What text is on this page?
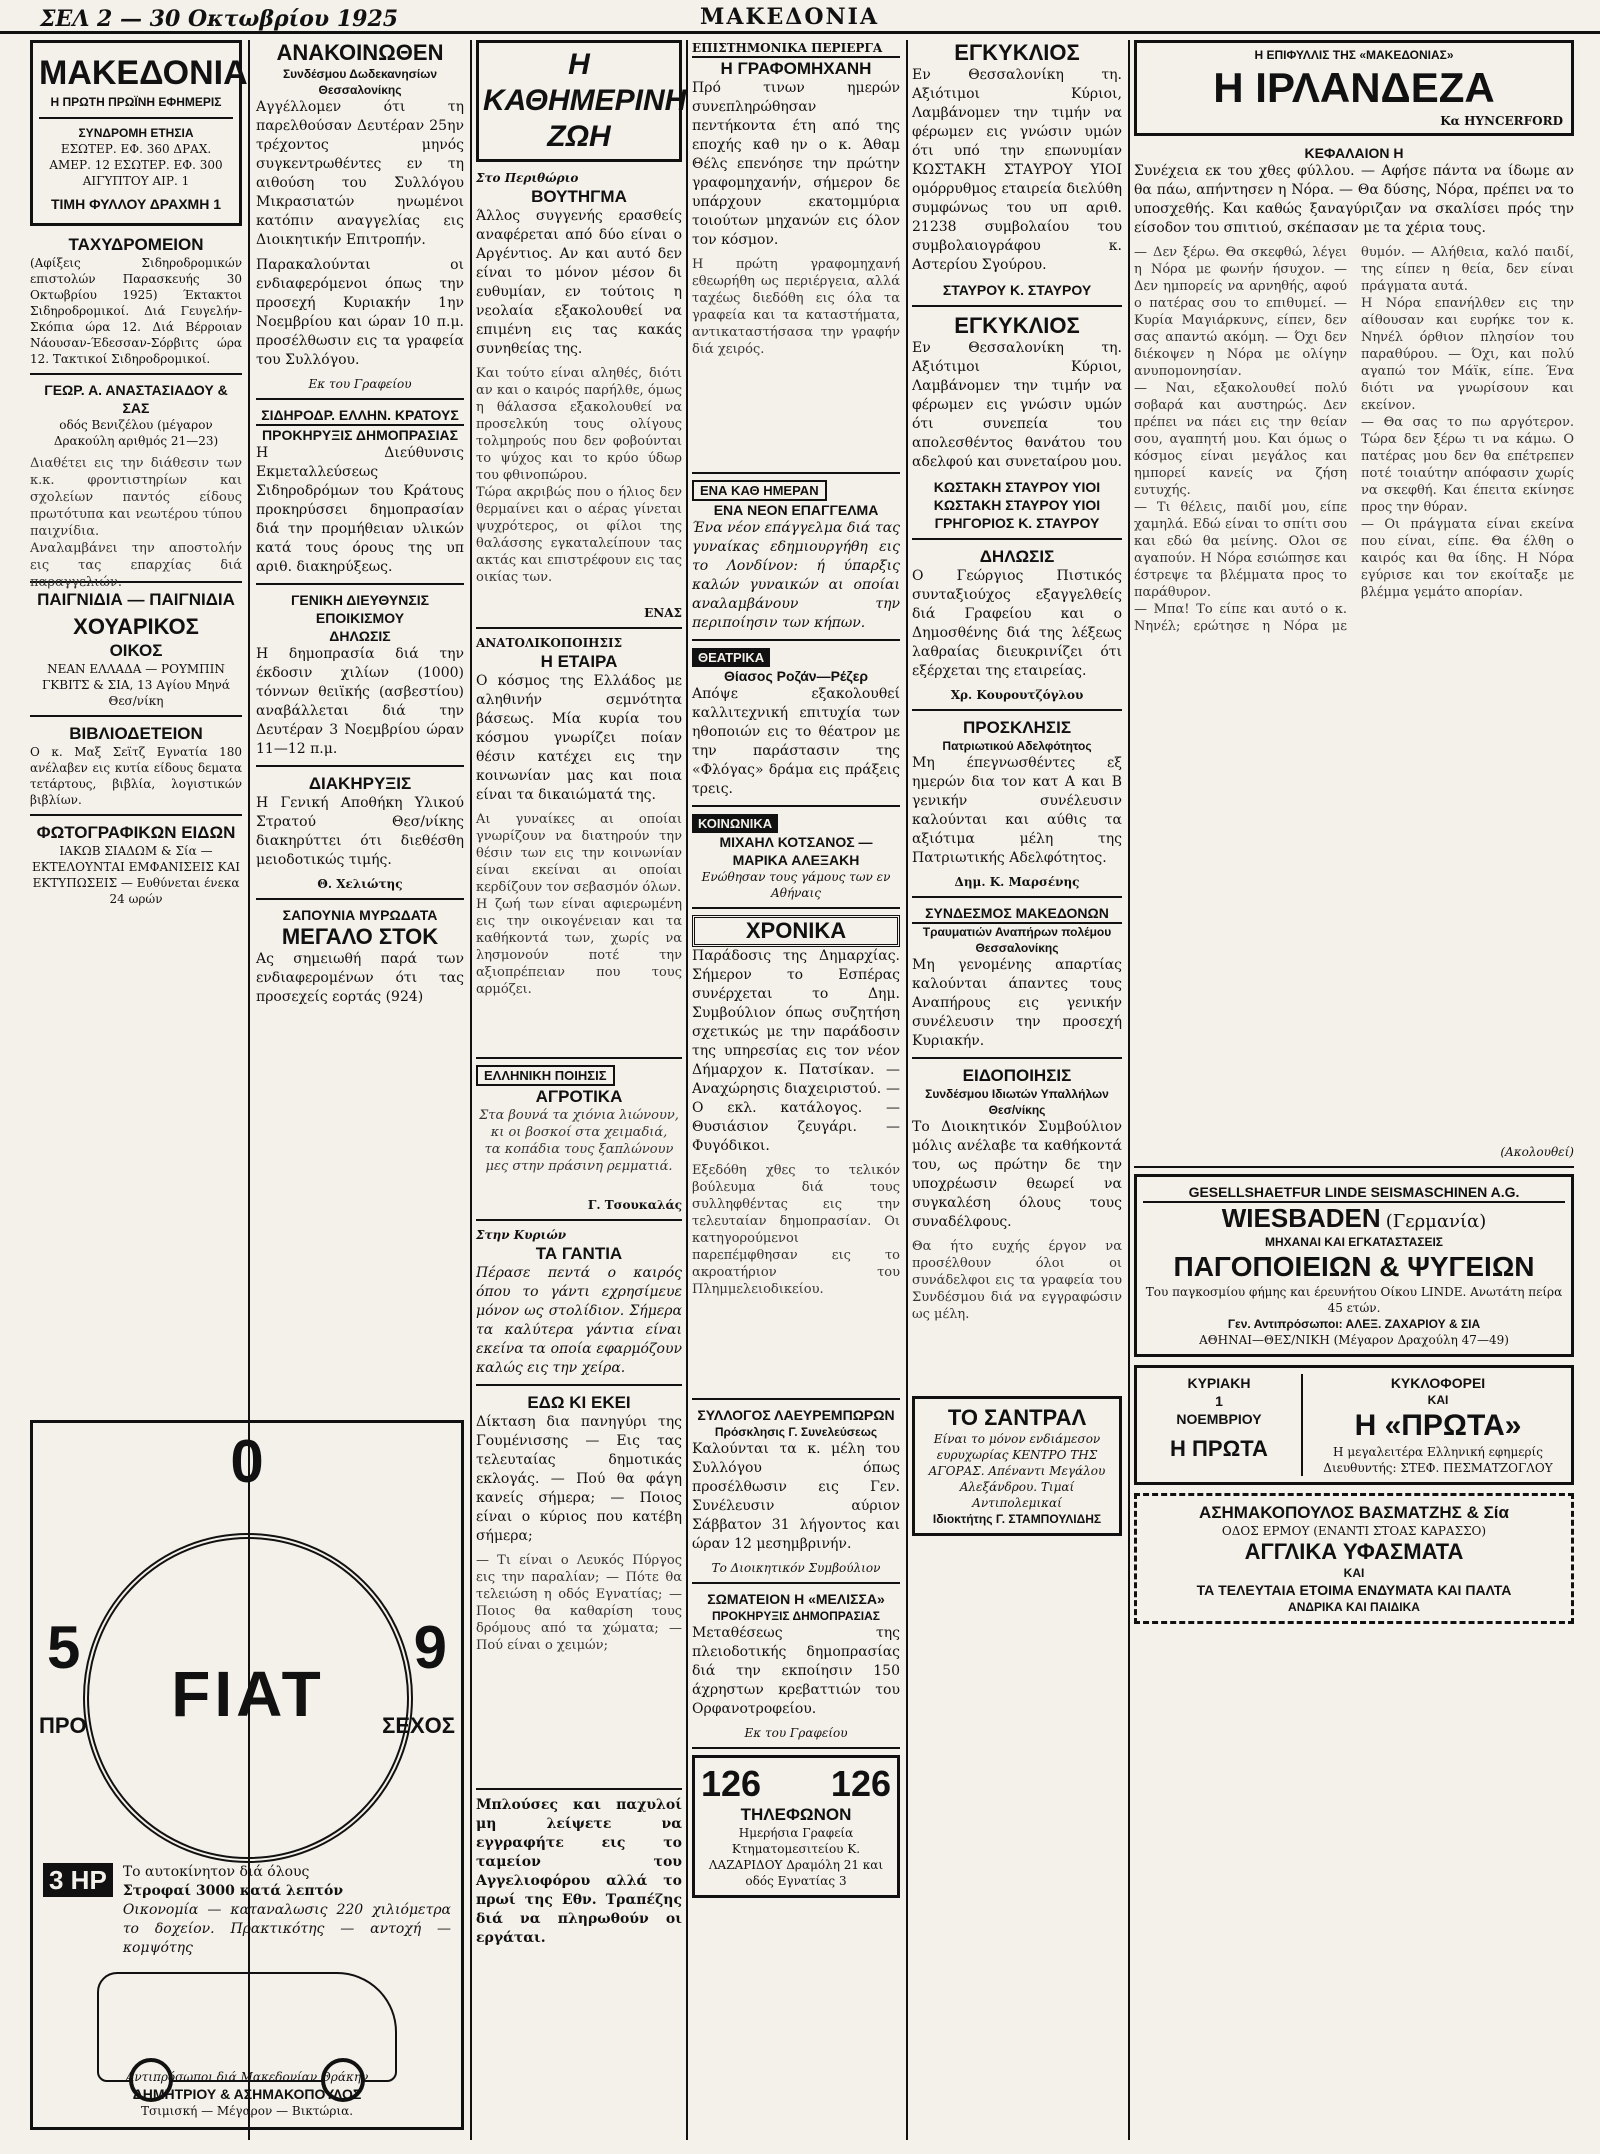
ΣΕΛ 2 — 30 Οκτωβρίου 1925	ΜΑΚΕΔΟΝΙΑ
ΜΑΚΕΔΟΝΙΑ
Η ΠΡΩΤΗ ΠΡΩΪΝΗ ΕΦΗΜΕΡΙΣ
ΣΥΝΔΡΟΜΗ ΕΤΗΣΙΑ
ΕΣΩΤΕΡ. ΕΦ. 360 ΔΡΑΧ. ΑΜΕΡ. 12 ΕΣΩΤΕΡ. ΕΦ. 300 ΑΙΓΥΠΤΟΥ ΑΙΡ. 1
ΤΙΜΗ ΦΥΛΛΟΥ ΔΡΑΧΜΗ 1
ΤΑΧΥΔΡΟΜΕΙΟΝ
(Αφίξεις Σιδηροδρομικών επιστολών Παρασκευής 30 Οκτωβρίου 1925) Έκτακτοι Σιδηροδρομικοί. Διά Γευγελήν-Σκόπια ώρα 12. Διά Βέρροιαν Νάουσαν-Έδεσσαν-Σόρβιτς ώρα 12. Τακτικοί Σιδηροδρομικοί.
ΓΕΩΡ. Α. ΑΝΑΣΤΑΣΙΑΔΟΥ & ΣΑΣ
οδός Βενιζέλου (μέγαρον Δρακούλη αριθμός 21—23)
Διαθέτει εις την διάθεσιν των κ.κ. φροντιστηρίων και σχολείων παντός είδους πρωτότυπα και νεωτέρου τύπου παιχνίδια.
Αναλαμβάνει την αποστολήν εις τας επαρχίας διά παραγγελιών.
ΠΑΙΓΝΙΔΙΑ — ΠΑΙΓΝΙΔΙΑ
ΧΟΥΑΡΙΚΟΣ
ΟΙΚΟΣ
ΝΕΑΝ ΕΛΛΑΔΑ — ΡΟΥΜΠΙΝ ΓΚΒΙΤΣ & ΣΙΑ, 13 Αγίου Μηνά Θεσ/νίκη
ΒΙΒΛΙΟΔΕΤΕΙΟΝ
Ο κ. Μαξ Σεϊτζ Εγνατία 180 ανέλαβεν εις κυτία είδους δεματα τετάρτους, βιβλία, λογιστικών βιβλίων.
ΦΩΤΟΓΡΑΦΙΚΩΝ ΕΙΔΩΝ
ΙΑΚΩΒ ΣΙΑΔΩΜ & Σία — ΕΚΤΕΛΟΥΝΤΑΙ ΕΜΦΑΝΙΣΕΙΣ ΚΑΙ ΕΚΤΥΠΩΣΕΙΣ — Ευθύνεται ένεκα 24 ωρών
ΑΝΑΚΟΙΝΩΘΕΝ
Συνδέσμου Δωδεκανησίων Θεσσαλονίκης
Αγγέλλομεν ότι τη παρελθούσαν Δευτέραν 25ην τρέχοντος μηνός συγκεντρωθέντες εν τη αιθούση του Συλλόγου Μικρασιατών ηνωμένοι κατόπιν αναγγελίας εις Διοικητικήν Επιτροπήν.
Παρακαλούνται οι ενδιαφερόμενοι όπως την προσεχή Κυριακήν 1ην Νοεμβρίου και ώραν 10 π.μ. προσέλθωσιν εις τα γραφεία του Συλλόγου.
Εκ του Γραφείου
ΣΙΔΗΡΟΔΡ. ΕΛΛΗΝ. ΚΡΑΤΟΥΣ
ΠΡΟΚΗΡΥΞΙΣ ΔΗΜΟΠΡΑΣΙΑΣ
Η Διεύθυνσις Εκμεταλλεύσεως Σιδηροδρόμων του Κράτους προκηρύσσει δημοπρασίαν διά την προμήθειαν υλικών κατά τους όρους της υπ αριθ. διακηρύξεως.
ΓΕΝΙΚΗ ΔΙΕΥΘΥΝΣΙΣ ΕΠΟΙΚΙΣΜΟΥ
ΔΗΛΩΣΙΣ
Η δημοπρασία διά την έκδοσιν χιλίων (1000) τόννων θειϊκής (ασβεστίου) αναβάλλεται διά την Δευτέραν 3 Νοεμβρίου ώραν 11—12 π.μ.
ΔΙΑΚΗΡΥΞΙΣ
Η Γενική Αποθήκη Υλικού Στρατού Θεσ/νίκης διακηρύττει ότι διεθέσθη μειοδοτικώς τιμής.
Θ. Χελιώτης
ΣΑΠΟΥΝΙΑ ΜΥΡΩΔΑΤΑ
ΜΕΓΑΛΟ ΣΤΟΚ
Ας σημειωθή παρά των ενδιαφερομένων ότι τας προσεχείς εορτάς (924)
0
FIAT
5	9
ΠΡΟ	ΣΕΧΟΣ
3 ΗΡ	Το αυτοκίνητον διά όλους
Στροφαί 3000 κατά λεπτόν
Οικονομία — καταναλωσις 220 χιλιόμετρα το δοχείον. Πρακτικότης — αντοχή — κομψότης
Αντιπρόσωποι διά Μακεδονίαν Θράκην
ΔΗΜΗΤΡΙΟΥ & ΑΣΗΜΑΚΟΠΟΥΛΟΣ
Τσιμισκή — Μέγαρον — Βικτώρια.
Η ΚΑΘΗΜΕΡΙΝΗ ΖΩΗ
Στο Περιθώριο
ΒΟΥΤΗΓΜΑ
Άλλος συγγενής ερασθείς αναφέρεται από δύο είναι ο Αργέντιος. Αν και αυτό δεν είναι το μόνον μέσον δι ευθυμίαν, εν τούτοις η νεολαία εξακολουθεί να επιμένη εις τας κακάς συνηθείας της.
Και τούτο είναι αληθές, διότι αν και ο καιρός παρήλθε, όμως η θάλασσα εξακολουθεί να προσελκύη τους ολίγους τολμηρούς που δεν φοβούνται το ψύχος και το κρύο ύδωρ του φθινοπώρου.
Τώρα ακριβώς που ο ήλιος δεν θερμαίνει και ο αέρας γίνεται ψυχρότερος, οι φίλοι της θαλάσσης εγκαταλείπουν τας ακτάς και επιστρέφουν εις τας οικίας των.
ΕΝΑΣ
ΑΝΑΤΟΛΙΚΟΠΟΙΗΣΙΣ
Η ΕΤΑΙΡΑ
Ο κόσμος της Ελλάδος με αληθινήν σεμνότητα βάσεως. Μία κυρία του κόσμου γνωρίζει ποίαν θέσιν κατέχει εις την κοινωνίαν μας και ποια είναι τα δικαιώματά της.
Αι γυναίκες αι οποίαι γνωρίζουν να διατηρούν την θέσιν των εις την κοινωνίαν είναι εκείναι αι οποίαι κερδίζουν τον σεβασμόν όλων.
Η ζωή των είναι αφιερωμένη εις την οικογένειαν και τα καθήκοντά των, χωρίς να λησμονούν ποτέ την αξιοπρέπειαν που τους αρμόζει.
ΕΛΛΗΝΙΚΗ ΠΟΙΗΣΙΣ
ΑΓΡΟΤΙΚΑ
Στα βουνά τα χιόνια λιώνουν,
κι οι βοσκοί στα χειμαδιά,
τα κοπάδια τους ξαπλώνουν
μες στην πράσινη ρεμματιά.
Γ. Τσουκαλάς
Στην Κυριών
ΤΑ ΓΑΝΤΙΑ
Πέρασε πεντά ο καιρός όπου το γάντι εχρησίμευε μόνον ως στολίδιον. Σήμερα τα καλύτερα γάντια είναι εκείνα τα οποία εφαρμόζουν καλώς εις την χείρα.
ΕΔΩ ΚΙ ΕΚΕΙ
Δίκταση δια πανηγύρι της Γουμένισσης — Εις τας τελευταίας δημοτικάς εκλογάς. — Πού θα φάγη κανείς σήμερα; — Ποιος είναι ο κύριος που κατέβη σήμερα;
— Τι είναι ο Λευκός Πύργος εις την παραλίαν; — Πότε θα τελειώση η οδός Εγνατίας; — Ποιος θα καθαρίση τους δρόμους από τα χώματα; — Πού είναι ο χειμών;
Μπλούσες και παχυλοί μη λείψετε να εγγραφήτε εις το ταμείον του Αγγελιοφόρου αλλά το πρωί της Εθν. Τραπέζης διά να πληρωθούν οι εργάται.
ΕΠΙΣΤΗΜΟΝΙΚΑ ΠΕΡΙΕΡΓΑ
Η ΓΡΑΦΟΜΗΧΑΝΗ
Πρό τινων ημερών συνεπληρώθησαν πεντήκοντα έτη από της εποχής καθ ην ο κ. Άθαμ Θέλς επενόησε την πρώτην γραφομηχανήν, σήμερον δε υπάρχουν εκατομμύρια τοιούτων μηχανών εις όλον τον κόσμον.
Η πρώτη γραφομηχανή εθεωρήθη ως περιέργεια, αλλά ταχέως διεδόθη εις όλα τα γραφεία και τα καταστήματα, αντικαταστήσασα την γραφήν διά χειρός.
ΕΝΑ ΚΑΘ ΗΜΕΡΑΝ
ΕΝΑ ΝΕΟΝ ΕΠΑΓΓΕΛΜΑ
Ένα νέον επάγγελμα διά τας γυναίκας εδημιουργήθη εις το Λονδίνον: ή ύπαρξις καλών γυναικών αι οποίαι αναλαμβάνουν την περιποίησιν των κήπων.
ΘΕΑΤΡΙΚΑ
Θίασος Ροζάν—Ρέζερ
Απόψε εξακολουθεί καλλιτεχνική επιτυχία των ηθοποιών εις το θέατρον με την παράστασιν της «Φλόγας» δράμα εις πράξεις τρεις.
ΚΟΙΝΩΝΙΚΑ
ΜΙΧΑΗΛ ΚΟΤΣΑΝΟΣ — ΜΑΡΙΚΑ ΑΛΕΞΑΚΗ
Ενώθησαν τους γάμους των εν Αθήναις
ΧΡΟΝΙΚΑ
Παράδοσις της Δημαρχίας. Σήμερον το Εσπέρας συνέρχεται το Δημ. Συμβούλιον όπως συζητήση σχετικώς με την παράδοσιν της υπηρεσίας εις τον νέον Δήμαρχον κ. Πατσίκαν. — Αναχώρησις διαχειριστού. — Ο εκλ. κατάλογος. — Θυσιάσιον ζευγάρι. — Φυγόδικοι.
Εξεδόθη χθες το τελικόν βούλευμα διά τους συλληφθέντας εις την τελευταίαν δημοπρασίαν. Οι κατηγορούμενοι παρεπέμφθησαν εις το ακροατήριον του Πλημμελειοδικείου.
ΣΥΛΛΟΓΟΣ ΛΑΕΥΡΕΜΠΩΡΩΝ
Πρόσκλησις Γ. Συνελεύσεως
Καλούνται τα κ. μέλη του Συλλόγου όπως προσέλθωσιν εις Γεν. Συνέλευσιν αύριον Σάββατον 31 λήγοντος και ώραν 12 μεσημβρινήν.
Το Διοικητικόν Συμβούλιον
ΣΩΜΑΤΕΙΟΝ Η «ΜΕΛΙΣΣΑ»
ΠΡΟΚΗΡΥΞΙΣ ΔΗΜΟΠΡΑΣΙΑΣ
Μεταθέσεως της πλειοδοτικής δημοπρασίας διά την εκποίησιν 150 άχρηστων κρεβαττιών του Ορφανοτροφείου.
Εκ του Γραφείου
126 126
ΤΗΛΕΦΩΝΟΝ
Ημερήσια Γραφεία Κτηματομεσιτείου Κ. ΛΑΖΑΡΙΔΟΥ Δραμόλη 21 και οδός Εγνατίας 3
ΕΓΚΥΚΛΙΟΣ
Εν Θεσσαλονίκη τη. Αξιότιμοι Κύριοι, Λαμβάνομεν την τιμήν να φέρωμεν εις γνώσιν υμών ότι υπό την επωνυμίαν ΚΩΣΤΑΚΗ ΣΤΑΥΡΟΥ ΥΙΟΙ ομόρρυθμος εταιρεία διελύθη συμφώνως του υπ αριθ. 21238 συμβολαίου του συμβολαιογράφου κ. Αστερίου Σγούρου.
ΣΤΑΥΡΟΥ Κ. ΣΤΑΥΡΟΥ
ΕΓΚΥΚΛΙΟΣ
Εν Θεσσαλονίκη τη. Αξιότιμοι Κύριοι, Λαμβάνομεν την τιμήν να φέρωμεν εις γνώσιν υμών ότι συνεπεία του απολεσθέντος θανάτου του αδελφού και συνεταίρου μου.
ΚΩΣΤΑΚΗ ΣΤΑΥΡΟΥ ΥΙΟΙ
ΚΩΣΤΑΚΗ ΣΤΑΥΡΟΥ ΥΙΟΙ
ΓΡΗΓΟΡΙΟΣ Κ. ΣΤΑΥΡΟΥ
ΔΗΛΩΣΙΣ
Ο Γεώργιος Πιστικός συνταξιούχος εξαγγελθείς διά Γραφείου και ο Δημοσθένης διά της λέξεως λαθραίας διευκρινίζει ότι εξέρχεται της εταιρείας.
Χρ. Κουρουτζόγλου
ΠΡΟΣΚΛΗΣΙΣ
Πατριωτικού Αδελφότητος
Μη έπεγνωσθέντες εξ ημερών δια τον κατ Α και Β γενικήν συνέλευσιν καλούνται και αύθις τα αξιότιμα μέλη της Πατριωτικής Αδελφότητος.
Δημ. Κ. Μαρσένης
ΣΥΝΔΕΣΜΟΣ ΜΑΚΕΔΟΝΩΝ
Τραυματιών Αναπήρων πολέμου Θεσσαλονίκης
Μη γενομένης απαρτίας καλούνται άπαντες τους Αναπήρους εις γενικήν συνέλευσιν την προσεχή Κυριακήν.
ΕΙΔΟΠΟΙΗΣΙΣ
Συνδέσμου Ιδιωτών Υπαλλήλων Θεσ/νίκης
Το Διοικητικόν Συμβούλιον μόλις ανέλαβε τα καθήκοντά του, ως πρώτην δε την υποχρέωσιν θεωρεί να συγκαλέση όλους τους συναδέλφους.
Θα ήτο ευχής έργον να προσέλθουν όλοι οι συνάδελφοι εις τα γραφεία του Συνδέσμου διά να εγγραφώσιν ως μέλη.
ΤΟ ΣΑΝΤΡΑΛ
Είναι το μόνον ενδιάμεσον ευρυχωρίας ΚΕΝΤΡΟ ΤΗΣ ΑΓΟΡΑΣ. Απέναντι Μεγάλου Αλεξάνδρου. Τιμαί Αντιπολεμικαί
Ιδιοκτήτης Γ. ΣΤΑΜΠΟΥΛΙΔΗΣ
Η ΕΠΙΦΥΛΛΙΣ ΤΗΣ «ΜΑΚΕΔΟΝΙΑΣ»
Η ΙΡΛΑΝΔΕΖΑ
Κα HYNCERFORD
ΚΕΦΑΛΑΙΟΝ Η
Συνέχεια εκ του χθες φύλλου. — Αφήσε πάντα να ίδωμε αν θα πάω, απήντησεν η Νόρα. — Θα δύσης, Νόρα, πρέπει να το υποσχεθής. Και καθώς ξαναγύριζαν να σκαλίσει πρός την είσοδον του σπιτιού, σκέπασαν με τα χέρια τους.
— Δεν ξέρω. Θα σκεφθώ, λέγει η Νόρα με φωνήν ήσυχον. — Δεν ημπορείς να αρνηθής, αφού ο πατέρας σου το επιθυμεί. — Κυρία Μαγιάρκυνς, είπεν, δεν σας απαντώ ακόμη. — Όχι δεν διέκοψεν η Νόρα με ολίγην ανυπομονησίαν.
— Ναι, εξακολουθεί πολύ σοβαρά και αυστηρώς. Δεν πρέπει να πάει εις την θείαν σου, αγαπητή μου. Και όμως ο κόσμος είναι μεγάλος και ημπορεί κανείς να ζήση ευτυχής.
— Τι θέλεις, παιδί μου, είπε χαμηλά. Εδώ είναι το σπίτι σου και εδώ θα μείνης. Ολοι σε αγαπούν. Η Νόρα εσιώπησε και έστρεψε τα βλέμματα προς το παράθυρον.
— Μπα! Το είπε και αυτό ο κ. Νηνέλ; ερώτησε η Νόρα με θυμόν. — Αλήθεια, καλό παιδί, της είπεν η θεία, δεν είναι πράγματα αυτά.
Η Νόρα επανήλθεν εις την αίθουσαν και ευρήκε τον κ. Νηνέλ όρθιον πλησίον του παραθύρου. — Όχι, και πολύ αγαπώ τον Μάϊκ, είπε. Ένα διότι να γνωρίσουν και εκείνον.
— Θα σας το πω αργότερον. Τώρα δεν ξέρω τι να κάμω. Ο πατέρας μου δεν θα επέτρεπεν ποτέ τοιαύτην απόφασιν χωρίς να σκεφθή. Και έπειτα εκίνησε προς την θύραν.
— Οι πράγματα είναι εκείνα που είναι, είπε. Θα έλθη ο καιρός και θα ίδης. Η Νόρα εγύρισε και τον εκοίταξε με βλέμμα γεμάτο απορίαν.
(Ακολουθεί)
GESELLSHAETFUR LINDE SEISMASCHINEN A.G.
WIESBADEN (Γερμανία)
ΜΗΧΑΝΑΙ ΚΑΙ ΕΓΚΑΤΑΣΤΑΣΕΙΣ
ΠΑΓΟΠΟΙΕΙΩΝ & ΨΥΓΕΙΩΝ
Του παγκοσμίου φήμης και έρευνήτου Οίκου LINDE. Ανωτάτη πείρα 45 ετών.
Γεν. Αντιπρόσωποι: ΑΛΕΞ. ΖΑΧΑΡΙΟΥ & ΣΙΑ
ΑΘΗΝΑΙ—ΘΕΣ/ΝΙΚΗ (Μέγαρον Δραχούλη 47—49)
ΚΥΡΙΑΚΗ
1
ΝΟΕΜΒΡΙΟΥ
Η ΠΡΩΤΑ
ΚΥΚΛΟΦΟΡΕΙ
ΚΑΙ
Η «ΠΡΩΤΑ»
Η μεγαλειτέρα Ελληνική εφημερίς
Διευθυντής: ΣΤΕΦ. ΠΕΣΜΑΤΖΟΓΛΟΥ
ΑΣΗΜΑΚΟΠΟΥΛΟΣ ΒΑΣΜΑΤΖΗΣ & Σία
ΟΔΟΣ ΕΡΜΟΥ (ΕΝΑΝΤΙ ΣΤΟΑΣ ΚΑΡΑΣΣΟ)
ΑΓΓΛΙΚΑ ΥΦΑΣΜΑΤΑ
ΚΑΙ
ΤΑ ΤΕΛΕΥΤΑΙΑ ΕΤΟΙΜΑ ΕΝΔΥΜΑΤΑ ΚΑΙ ΠΑΛΤΑ
ΑΝΔΡΙΚΑ ΚΑΙ ΠΑΙΔΙΚΑ
